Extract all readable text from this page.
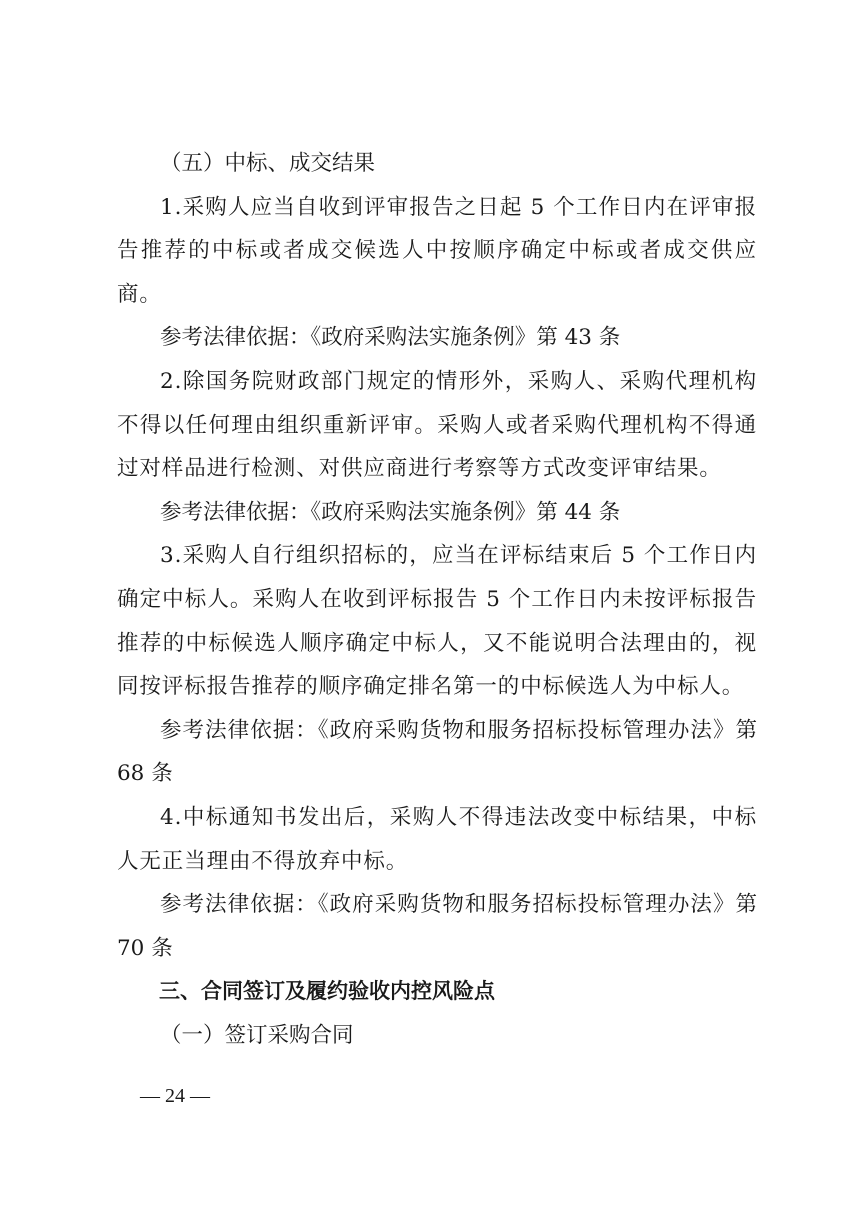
（五）中标、成交结果

1.采购人应当自收到评审报告之日起 5 个工作日内在评审报告推荐的中标或者成交候选人中按顺序确定中标或者成交供应商。

参考法律依据：《政府采购法实施条例》第 43 条

2.除国务院财政部门规定的情形外，采购人、采购代理机构不得以任何理由组织重新评审。采购人或者采购代理机构不得通过对样品进行检测、对供应商进行考察等方式改变评审结果。

参考法律依据：《政府采购法实施条例》第 44 条

3.采购人自行组织招标的，应当在评标结束后 5 个工作日内确定中标人。采购人在收到评标报告 5 个工作日内未按评标报告推荐的中标候选人顺序确定中标人，又不能说明合法理由的，视同按评标报告推荐的顺序确定排名第一的中标候选人为中标人。

参考法律依据：《政府采购货物和服务招标投标管理办法》第 68 条

4.中标通知书发出后，采购人不得违法改变中标结果，中标人无正当理由不得放弃中标。

参考法律依据：《政府采购货物和服务招标投标管理办法》第 70 条

三、合同签订及履约验收内控风险点

（一）签订采购合同

— 24 —
